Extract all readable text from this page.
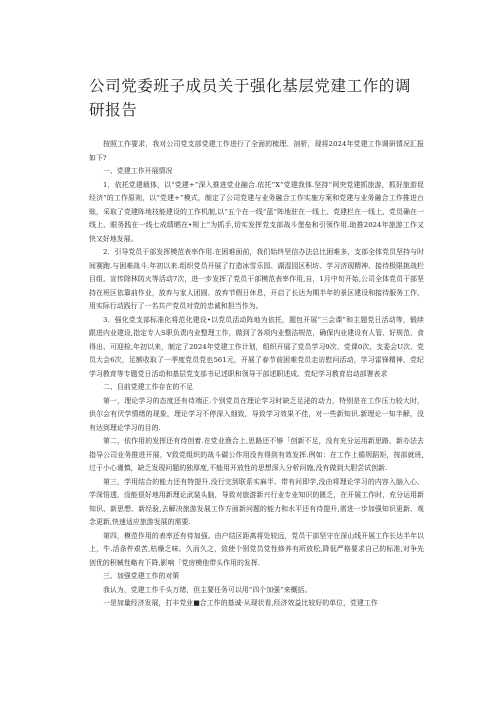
公司党委班子成员关于强化基层党建工作的调研报告

按照工作要求，我对公司党支部党建工作进行了全面的梳理、剖析，现将2024年党建工作调研情况汇报如下?

一、党建工作开展情况

1．依托党建载体，以“党建+”深入推进党业融合.依托“X”党建我体.坚持“网突党建抓旅游，抓好旅游促经济”的工作原则，以“党建+”模式，制定了公司党建与业务融合工作实施方案和党建与业务融合工作推进台账，采取了党建阵地技能建设的工作机制,以“五个在一线”蓝“阵地驻在一线上、党建栏在一线上、党员确在一线上、眼务践在一线七成绩晒在•规上”为抓手,切实发挥党支部战斗堡垒和引领作用.助推2024年旅游工作又快又好地发展。

2．引导党员干部发挥模范表率作用.在困难面前，我们始终坚信办法总比困难多，支部全体党员坚持与时间赛跑.与困难战斗.年初以来.组织党员开展了打造冰雪乐园、湖湿园区积坊、学习济现精神、接待极限挑战栏目组、宣传除林防火等活动7次，进一步发挥了党员干部模范表率作用,自，1月中旬开始,公司全体党员干部坚持在班区依靠前作业，放弃与家人团圆、放弃节假日休息，开启了长达为期半年的景区建设和接待服务工作，用实际行动践行了一名共产党员对党的忠诚和担当作为。

3．强化党支部标准化将范化建设•以党员活动阵地为依托，题包开展“三会课”和主题党日活动等，锻续跟进内业建设,指定专人S职负责内业整理工作，做到了各项内业整洁规范，确保内业建设有人管、好规范、食得出、可迎检,年初以来，制定了2024年党建工作计划，组织开展了党员学习9次、党课0次、支委会U次、党员大会6次，足额收取了一季度党员党也561元，开展了春节前困难党员走访慰问活动，学习雷锋精神、党纪学习教育等专题党日活动和基层党支部书记述职和领导干部述职述成、党纪学习教育启动部署表求

二、目前党建工作存在的不足

第一，理论学习的态度还有待端正.个别党员在理论学习时缺乏足泌的动力，特别是在工作压力较大时，供尔会有厌学情绪的现象，理论学习不停深入细致，导致学习效果不佳，对一些新知识.新理论一知半解，没有达到理论学习的目的.

第二，依作用的发挥还有待创着.在党业渔合上,思路还不够「创新不足，没有充分运用新思路、新办法去指导公司业务推进开展，V致党组织的战斗碳公作用没有得到有效发挥.例如：在工作上循规蹈矩，按部就班,过于小心谨慎，缺乏发现问题的独厚度,不能用开放性的思想深入分析问施,没有做到大胆尝试创新.

第三，学用结合的能力还有特提升.没行完到联系实麻半、带有问即学,没由将理论学习的内容入脑入心、学深悟透，没能很好地用新理论武装头脑，导致对旅游新兴行业专业知识的匮乏，在开展工作时，充分运用新知识、新思想、新经验,去解决旅游发展工作方面新问题的能力和水平还有待提升,需进一步加强知识更新、观念更新,快速适应旅游发展的需要.

第四，模范作用的表率还有待加强。由户结区距离将处较远，党员干部坚守在深山线开展工作长达半年以上，牛.活条件艰苦,枯燥乏味。久而久之，致使个别党员党性修养有所放松,降低严格要求自己的标准,对争先创优的积械性略有下降,影响「党房模他带头作用的发挥.

三、加强党建工作的对策

我认为，党建工作千头万绪，但主要任务可以用“四个加强”来概括。

一是加量经济发展，打丰党业■合工作的基诚·从现状看,经济效益比较好的单位，党建工作
